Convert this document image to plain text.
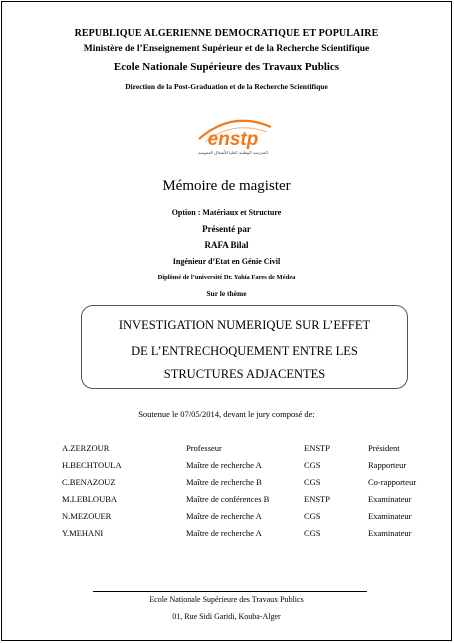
REPUBLIQUE ALGERIENNE DEMOCRATIQUE ET POPULAIRE
Ministère de l’Enseignement Supérieur et de la Recherche Scientifique
Ecole Nationale Supérieure des Travaux Publics
Direction de la Post-Graduation et de la Recherche Scientifique
enstp
المدرسة الوطنية العليا للأشغال العمومية
Mémoire de magister
Option : Matériaux et Structure
Présenté par
RAFA Bilal
Ingénieur d’Etat en Génie Civil
Diplômé de l’université Dr. Yahia Fares de Médea
Sur le thème
INVESTIGATION NUMERIQUE SUR L’EFFET
DE L’ENTRECHOQUEMENT ENTRE LES
STRUCTURES ADJACENTES
Soutenue le 07/05/2014, devant le jury composé de:
A.ZERZOUR	Professeur	ENSTP	Président
H.BECHTOULA	Maître de recherche A	CGS	Rapporteur
C.BENAZOUZ	Maître de recherche B	CGS	Co-rapporteur
M.LEBLOUBA	Maître de conférences B	ENSTP	Examinateur
N.MEZOUER	Maître de recherche A	CGS	Examinateur
Y.MEHANI	Maître de recherche A	CGS	Examinateur
Ecole Nationale Supérieure des Travaux Publics
01, Rue Sidi Garidi, Kouba-Alger
